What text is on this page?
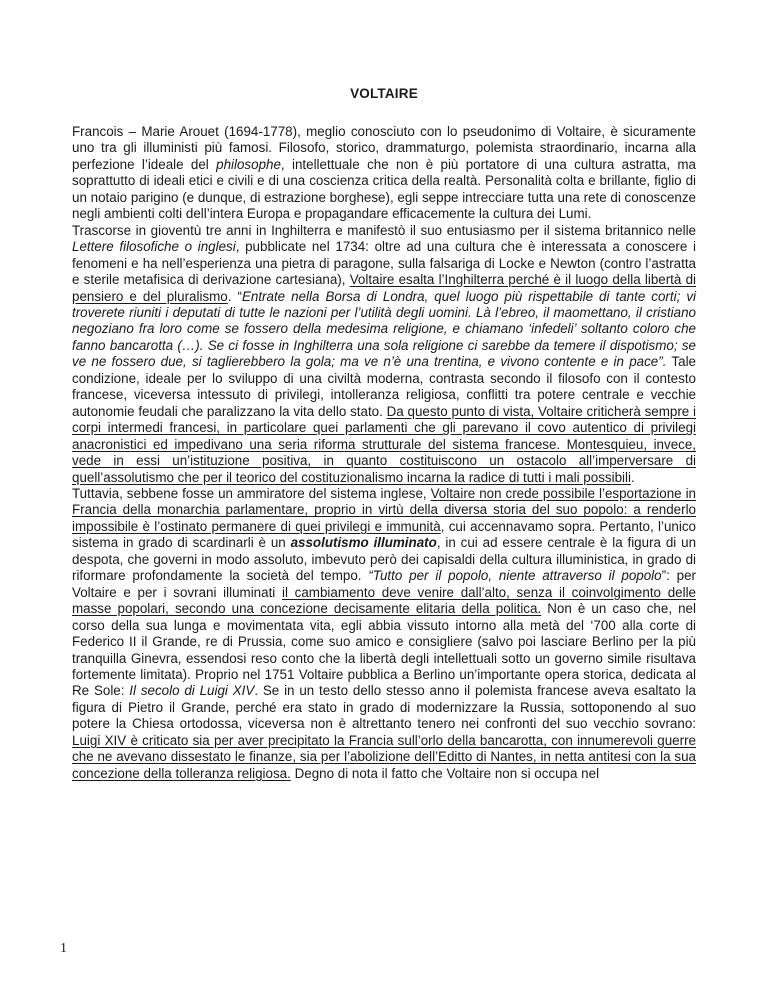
VOLTAIRE

Francois – Marie Arouet (1694-1778), meglio conosciuto con lo pseudonimo di Voltaire, è sicuramente uno tra gli illuministi più famosi. Filosofo, storico, drammaturgo, polemista straordinario, incarna alla perfezione l’ideale del philosophe, intellettuale che non è più portatore di una cultura astratta, ma soprattutto di ideali etici e civili e di una coscienza critica della realtà. Personalità colta e brillante, figlio di un notaio parigino (e dunque, di estrazione borghese), egli seppe intrecciare tutta una rete di conoscenze negli ambienti colti dell’intera Europa e propagandare efficacemente la cultura dei Lumi.

Trascorse in gioventù tre anni in Inghilterra e manifestò il suo entusiasmo per il sistema britannico nelle Lettere filosofiche o inglesi, pubblicate nel 1734: oltre ad una cultura che è interessata a conoscere i fenomeni e ha nell’esperienza una pietra di paragone, sulla falsariga di Locke e Newton (contro l’astratta e sterile metafisica di derivazione cartesiana), Voltaire esalta l’Inghilterra perché è il luogo della libertà di pensiero e del pluralismo. “Entrate nella Borsa di Londra, quel luogo più rispettabile di tante corti; vi troverete riuniti i deputati di tutte le nazioni per l’utilità degli uomini. Là l’ebreo, il maomettano, il cristiano negoziano fra loro come se fossero della medesima religione, e chiamano ‘infedeli’ soltanto coloro che fanno bancarotta (…). Se ci fosse in Inghilterra una sola religione ci sarebbe da temere il dispotismo; se ve ne fossero due, si taglierebbero la gola; ma ve n’è una trentina, e vivono contente e in pace”. Tale condizione, ideale per lo sviluppo di una civiltà moderna, contrasta secondo il filosofo con il contesto francese, viceversa intessuto di privilegi, intolleranza religiosa, conflitti tra potere centrale e vecchie autonomie feudali che paralizzano la vita dello stato. Da questo punto di vista, Voltaire criticherà sempre i corpi intermedi francesi, in particolare quei parlamenti che gli parevano il covo autentico di privilegi anacronistici ed impedivano una seria riforma strutturale del sistema francese. Montesquieu, invece, vede in essi un’istituzione positiva, in quanto costituiscono un ostacolo all’imperversare di quell’assolutismo che per il teorico del costituzionalismo incarna la radice di tutti i mali possibili.

Tuttavia, sebbene fosse un ammiratore del sistema inglese, Voltaire non crede possibile l’esportazione in Francia della monarchia parlamentare, proprio in virtù della diversa storia del suo popolo: a renderlo impossibile è l’ostinato permanere di quei privilegi e immunità, cui accennavamo sopra. Pertanto, l’unico sistema in grado di scardinarli è un assolutismo illuminato, in cui ad essere centrale è la figura di un despota, che governi in modo assoluto, imbevuto però dei capisaldi della cultura illuministica, in grado di riformare profondamente la società del tempo. “Tutto per il popolo, niente attraverso il popolo”: per Voltaire e per i sovrani illuminati il cambiamento deve venire dall’alto, senza il coinvolgimento delle masse popolari, secondo una concezione decisamente elitaria della politica. Non è un caso che, nel corso della sua lunga e movimentata vita, egli abbia vissuto intorno alla metà del ‘700 alla corte di Federico II il Grande, re di Prussia, come suo amico e consigliere (salvo poi lasciare Berlino per la più tranquilla Ginevra, essendosi reso conto che la libertà degli intellettuali sotto un governo simile risultava fortemente limitata). Proprio nel 1751 Voltaire pubblica a Berlino un’importante opera storica, dedicata al Re Sole: Il secolo di Luigi XIV. Se in un testo dello stesso anno il polemista francese aveva esaltato la figura di Pietro il Grande, perché era stato in grado di modernizzare la Russia, sottoponendo al suo potere la Chiesa ortodossa, viceversa non è altrettanto tenero nei confronti del suo vecchio sovrano: Luigi XIV è criticato sia per aver precipitato la Francia sull’orlo della bancarotta, con innumerevoli guerre che ne avevano dissestato le finanze, sia per l’abolizione dell’Editto di Nantes, in netta antitesi con la sua concezione della tolleranza religiosa. Degno di nota il fatto che Voltaire non si occupa nel

1
